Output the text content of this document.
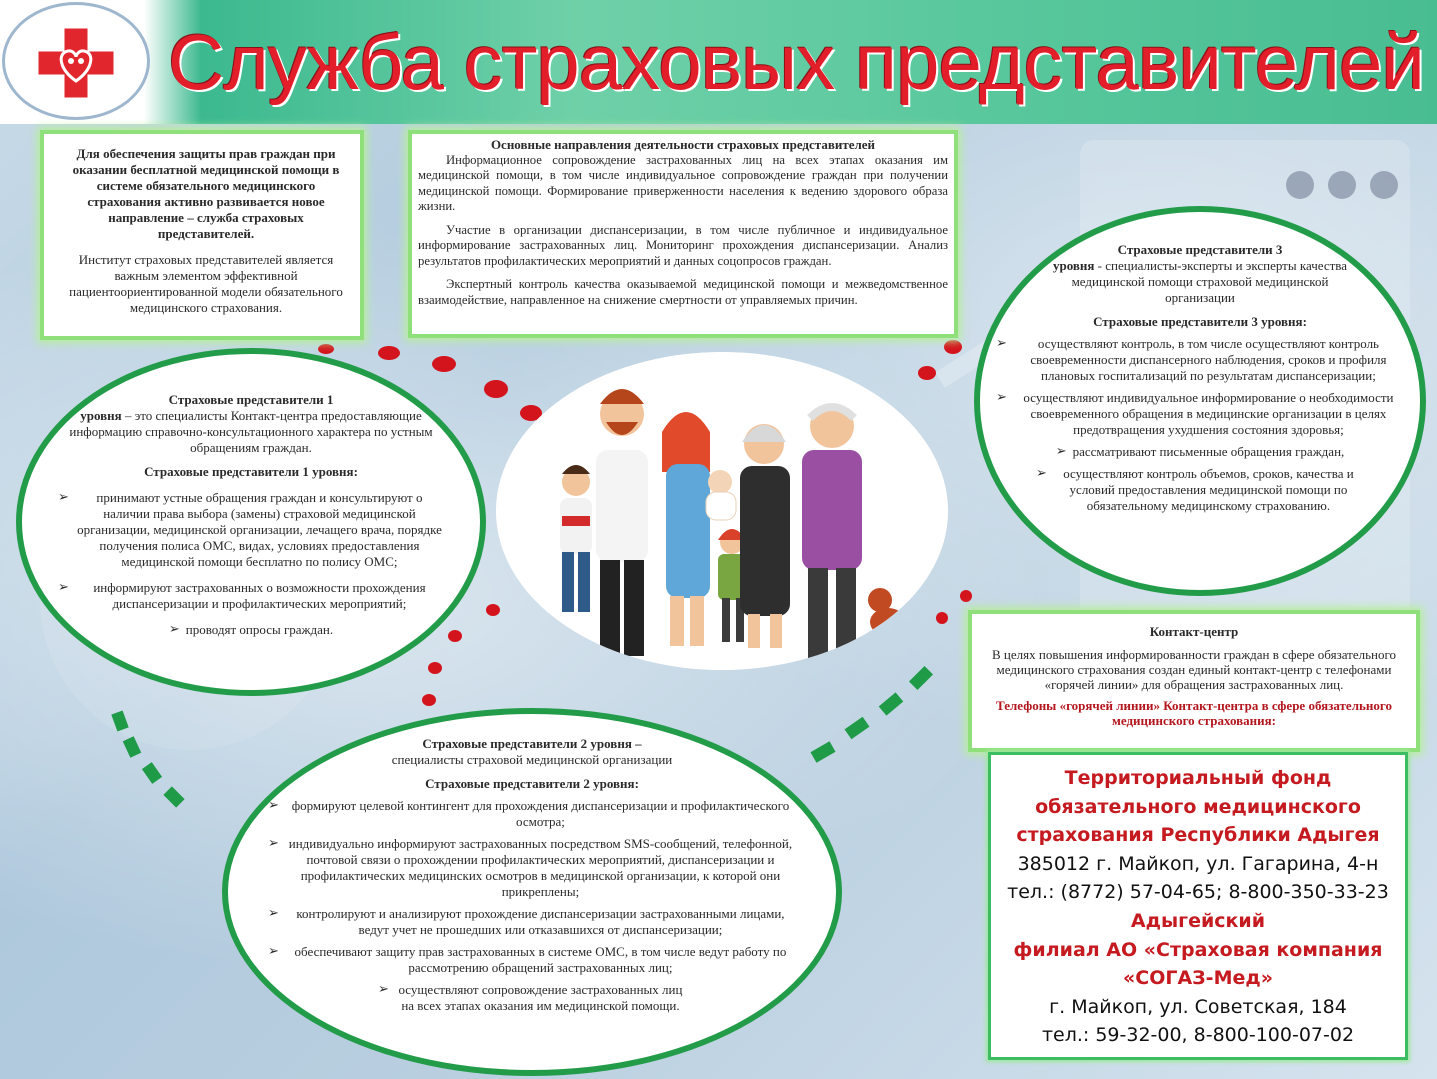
Служба страховых представителей

Для обеспечения защиты прав граждан при оказании бесплатной медицинской помощи в системе обязательного медицинского страхования активно развивается новое направление – служба страховых представителей.

Институт страховых представителей является важным элементом эффективной пациентоориентированной модели обязательного медицинского страхования.

Основные направления деятельности страховых представителей

Информационное сопровождение застрахованных лиц на всех этапах оказания им медицинской помощи, в том числе индивидуальное сопровождение граждан при получении медицинской помощи. Формирование приверженности населения к ведению здорового образа жизни.

Участие в организации диспансеризации, в том числе публичное и индивидуальное информирование застрахованных лиц. Мониторинг прохождения диспансеризации. Анализ результатов профилактических мероприятий и данных соцопросов граждан.

Экспертный контроль качества оказываемой медицинской помощи и межведомственное взаимодействие, направленное на снижение смертности от управляемых причин.

Страховые представители 1

уровня – это специалисты Контакт-центра предоставляющие информацию справочно-консультационного характера по устным обращениям граждан.

Страховые представители 1 уровня:

➢	принимают устные обращения граждан и консультируют о наличии права выбора (замены) страховой медицинской организации, медицинской организации, лечащего врача, порядке получения полиса ОМС, видах, условиях предоставления медицинской помощи бесплатно по полису ОМС;

➢	информируют застрахованных о возможности прохождения диспансеризации и профилактических мероприятий;

➢ проводят опросы граждан.

Страховые представители 3

уровня - специалисты-эксперты и эксперты качества медицинской помощи страховой медицинской организации

Страховые представители 3 уровня:

➢	осуществляют контроль, в том числе осуществляют контроль своевременности диспансерного наблюдения, сроков и профиля плановых госпитализаций по результатам диспансеризации;

➢	осуществляют индивидуальное информирование о необходимости своевременного обращения в медицинские организации в целях предотвращения ухудшения состояния здоровья;

➢ рассматривают письменные обращения граждан,

➢	осуществляют контроль объемов, сроков, качества и условий предоставления медицинской помощи по обязательному медицинскому страхованию.

Контакт-центр

В целях повышения информированности граждан в сфере обязательного медицинского страхования создан единый контакт-центр с телефонами «горячей линии» для обращения застрахованных лиц.

Телефоны «горячей линии» Контакт-центра в сфере обязательного медицинского страхования:

Страховые представители 2 уровня –

специалисты страховой медицинской организации

Страховые представители 2 уровня:

➢ формируют целевой контингент для прохождения диспансеризации и профилактического осмотра;

➢ индивидуально информируют застрахованных посредством SMS-сообщений, телефонной, почтовой связи о прохождении профилактических мероприятий, диспансеризации и профилактических медицинских осмотров в медицинской организации, к которой они прикреплены;

➢	контролируют и анализируют прохождение диспансеризации застрахованными лицами, ведут учет не прошедших или отказавшихся от диспансеризации;

➢	обеспечивают защиту прав застрахованных в системе ОМС, в том числе ведут работу по рассмотрению обращений застрахованных лиц;

➢ осуществляют сопровождение застрахованных лиц на всех этапах оказания им медицинской помощи.

Территориальный фонд
обязательного медицинского
страхования Республики Адыгея
385012 г. Майкоп, ул. Гагарина, 4-н
тел.: (8772) 57-04-65; 8-800-350-33-23
Адыгейский
филиал АО «Страховая компания
«СОГАЗ-Мед»
г. Майкоп, ул. Советская, 184
тел.: 59-32-00, 8-800-100-07-02
